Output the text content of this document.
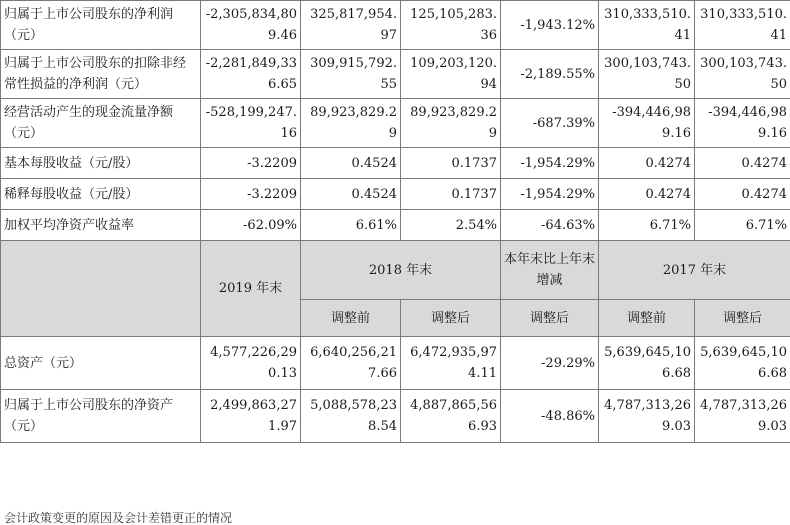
归属于上市公司股东的净利润（元）	-2,305,834,809.46	325,817,954.97	125,105,283.36	-1,943.12%	310,333,510.41	310,333,510.41
归属于上市公司股东的扣除非经常性损益的净利润（元）	-2,281,849,336.65	309,915,792.55	109,203,120.94	-2,189.55%	300,103,743.50	300,103,743.50
经营活动产生的现金流量净额（元）	-528,199,247.16	89,923,829.29	89,923,829.29	-687.39%	-394,446,989.16	-394,446,989.16
基本每股收益（元/股）	-3.2209	0.4524	0.1737	-1,954.29%	0.4274	0.4274
稀释每股收益（元/股）	-3.2209	0.4524	0.1737	-1,954.29%	0.4274	0.4274
加权平均净资产收益率	-62.09%	6.61%	2.54%	-64.63%	6.71%	6.71%
	2019 年末	2018 年末		本年末比上年末增减	2017 年末	
		调整前	调整后	调整后	调整前	调整后
总资产（元）	4,577,226,290.13	6,640,256,217.66	6,472,935,974.11	-29.29%	5,639,645,106.68	5,639,645,106.68
归属于上市公司股东的净资产（元）	2,499,863,271.97	5,088,578,238.54	4,887,865,566.93	-48.86%	4,787,313,269.03	4,787,313,269.03
会计政策变更的原因及会计差错更正的情况
